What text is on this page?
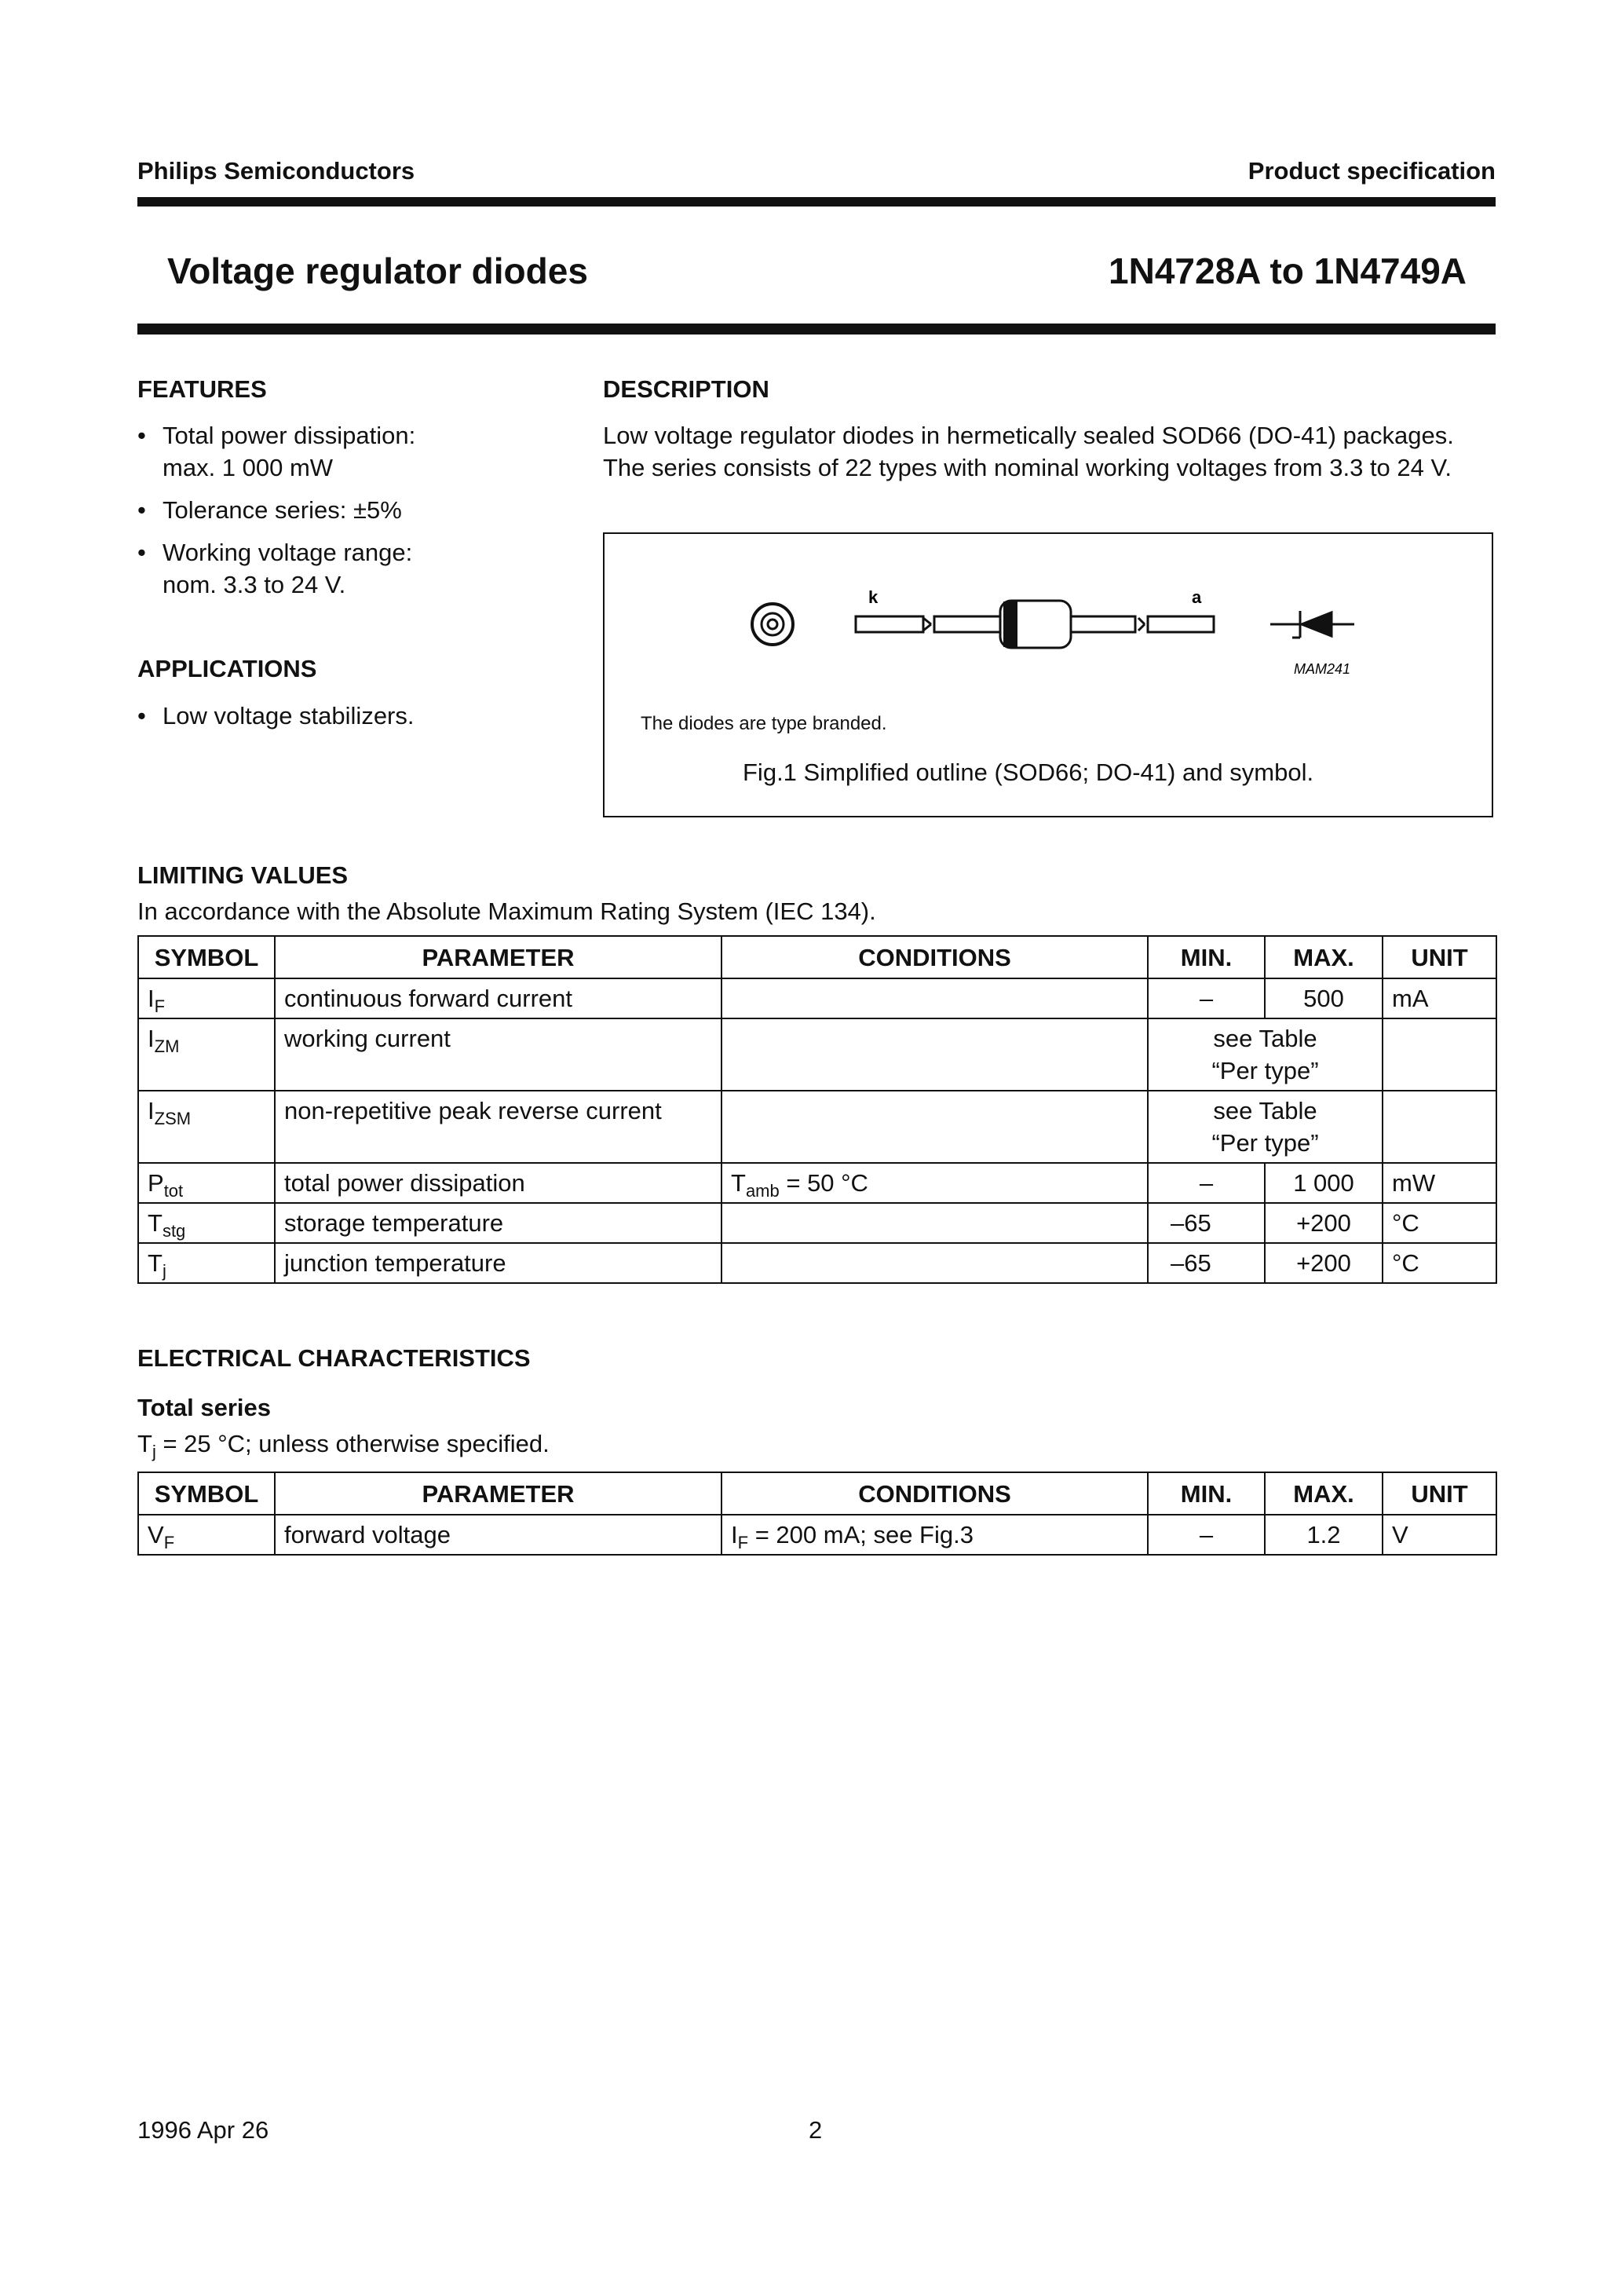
Philips Semiconductors	Product specification
Voltage regulator diodes	1N4728A to 1N4749A
FEATURES
• Total power dissipation:
max. 1 000 mW
• Tolerance series: ±5%
• Working voltage range:
nom. 3.3 to 24 V.
APPLICATIONS
• Low voltage stabilizers.
DESCRIPTION
Low voltage regulator diodes in hermetically sealed SOD66 (DO-41) packages.
The series consists of 22 types with nominal working voltages from 3.3 to 24 V.
k	a
MAM241
The diodes are type branded.
Fig.1 Simplified outline (SOD66; DO-41) and symbol.
LIMITING VALUES
In accordance with the Absolute Maximum Rating System (IEC 134).
SYMBOL	PARAMETER	CONDITIONS	MIN.	MAX.	UNIT
$I_F$	continuous forward current		–	500	mA
$I_{ZM}$	working current		see Table
“Per type”		
$I_{ZSM}$	non-repetitive peak reverse current		see Table
“Per type”		
$P_{tot}$	total power dissipation	$T_{amb} = 50$ °C	–	1 000	mW
$T_{stg}$	storage temperature		–65	+200	°C
$T_j$	junction temperature		–65	+200	°C
ELECTRICAL CHARACTERISTICS
Total series
$T_j = 25$ °C; unless otherwise specified.
SYMBOL	PARAMETER	CONDITIONS	MIN.	MAX.	UNIT
$V_F$	forward voltage	$I_F = 200$ mA; see Fig.3	–	1.2	V
1996 Apr 26	2
